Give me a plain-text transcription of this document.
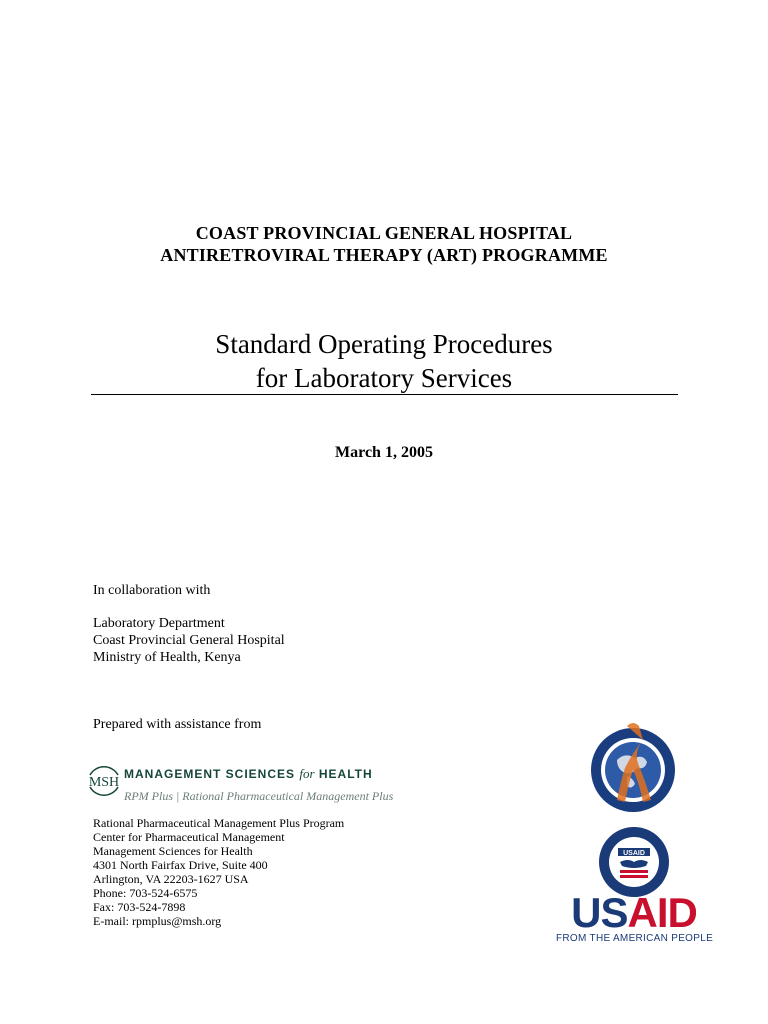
COAST PROVINCIAL GENERAL HOSPITAL
ANTIRETROVIRAL THERAPY (ART) PROGRAMME
Standard Operating Procedures
for Laboratory Services
March 1, 2005
In collaboration with
Laboratory Department
Coast Provincial General Hospital
Ministry of Health, Kenya
Prepared with assistance from
MSH
MANAGEMENT SCIENCES for HEALTH
RPM Plus | Rational Pharmaceutical Management Plus
Rational Pharmaceutical Management Plus Program
Center for Pharmaceutical Management
Management Sciences for Health
4301 North Fairfax Drive, Suite 400
Arlington, VA 22203-1627 USA
Phone: 703-524-6575
Fax: 703-524-7898
E-mail: rpmplus@msh.org
USAID
USAID
FROM THE AMERICAN PEOPLE
